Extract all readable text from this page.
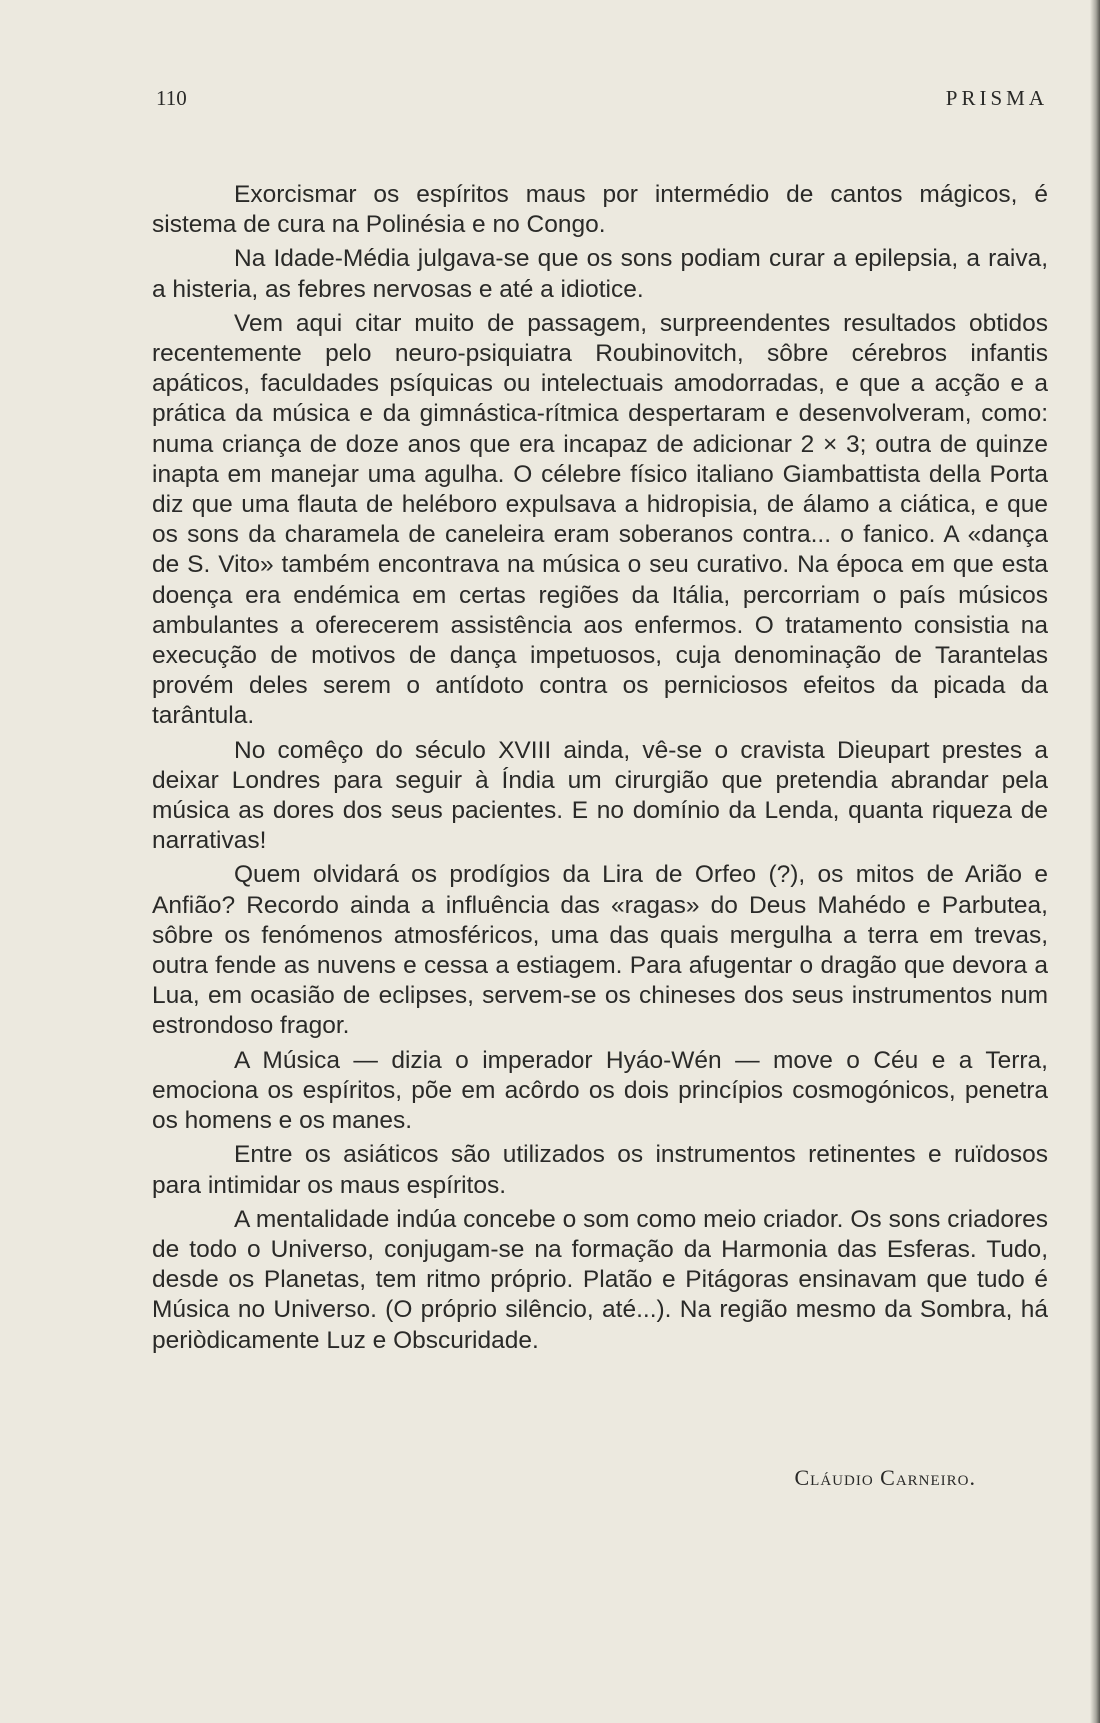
110	PRISMA

Exorcismar os espíritos maus por intermédio de cantos mágicos, é sistema de cura na Polinésia e no Congo.

Na Idade-Média julgava-se que os sons podiam curar a epilepsia, a raiva, a histeria, as febres nervosas e até a idiotice.

Vem aqui citar muito de passagem, surpreendentes resultados obtidos recentemente pelo neuro-psiquiatra Roubinovitch, sôbre cérebros infantis apáticos, faculdades psíquicas ou intelectuais amodorradas, e que a acção e a prática da música e da gimnástica-rítmica despertaram e desenvolveram, como: numa criança de doze anos que era incapaz de adicionar 2 × 3; outra de quinze inapta em manejar uma agulha. O célebre físico italiano Giambattista della Porta diz que uma flauta de heléboro expulsava a hidropisia, de álamo a ciática, e que os sons da charamela de caneleira eram soberanos contra... o fanico. A «dança de S. Vito» também encontrava na música o seu curativo. Na época em que esta doença era endémica em certas regiões da Itália, percorriam o país músicos ambulantes a oferecerem assistência aos enfermos. O tratamento consistia na execução de motivos de dança impetuosos, cuja denominação de Tarantelas provém deles serem o antídoto contra os perniciosos efeitos da picada da tarântula.

No comêço do século XVIII ainda, vê-se o cravista Dieupart prestes a deixar Londres para seguir à Índia um cirurgião que pretendia abrandar pela música as dores dos seus pacientes. E no domínio da Lenda, quanta riqueza de narrativas!

Quem olvidará os prodígios da Lira de Orfeo (?), os mitos de Arião e Anfião? Recordo ainda a influência das «ragas» do Deus Mahédo e Parbutea, sôbre os fenómenos atmosféricos, uma das quais mergulha a terra em trevas, outra fende as nuvens e cessa a estiagem. Para afugentar o dragão que devora a Lua, em ocasião de eclipses, servem-se os chineses dos seus instrumentos num estrondoso fragor.

A Música — dizia o imperador Hyáo-Wén — move o Céu e a Terra, emociona os espíritos, põe em acôrdo os dois princípios cosmogónicos, penetra os homens e os manes.

Entre os asiáticos são utilizados os instrumentos retinentes e ruïdosos para intimidar os maus espíritos.

A mentalidade indúa concebe o som como meio criador. Os sons criadores de todo o Universo, conjugam-se na formação da Harmonia das Esferas. Tudo, desde os Planetas, tem ritmo próprio. Platão e Pitágoras ensinavam que tudo é Música no Universo. (O próprio silêncio, até...). Na região mesmo da Sombra, há periòdicamente Luz e Obscuridade.

Cláudio Carneiro.
